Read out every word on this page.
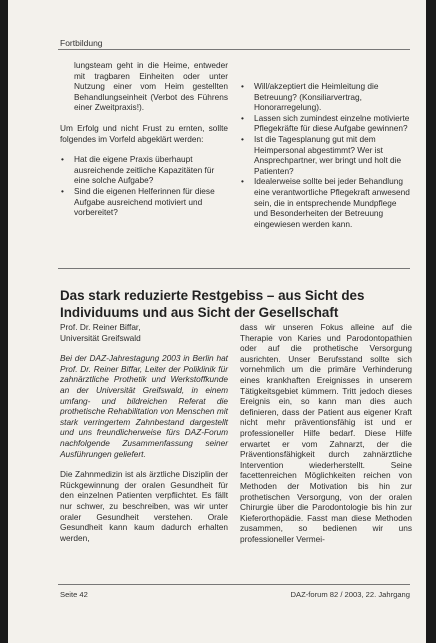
Fortbildung

lungsteam geht in die Heime, entweder mit tragbaren Einheiten oder unter Nutzung einer vom Heim gestellten Behandlungseinheit (Verbot des Führens einer Zweitpraxis!).

Um Erfolg und nicht Frust zu ernten, sollte folgendes im Vorfeld abgeklärt werden:

• Hat die eigene Praxis überhaupt ausreichende zeitliche Kapazitäten für eine solche Aufgabe?
• Sind die eigenen Helferinnen für diese Aufgabe ausreichend motiviert und vorbereitet?
• Will/akzeptiert die Heimleitung die Betreuung? (Konsiliarvertrag, Honorarregelung).
• Lassen sich zumindest einzelne motivierte Pflegekräfte für diese Aufgabe gewinnen?
• Ist die Tagesplanung gut mit dem Heimpersonal abgestimmt? Wer ist Ansprechpartner, wer bringt und holt die Patienten?
• Idealerweise sollte bei jeder Behandlung eine verantwortliche Pflegekraft anwesend sein, die in entsprechende Mundpflege und Besonderheiten der Betreuung eingewiesen werden kann.
Das stark reduzierte Restgebiss – aus Sicht des Individuums und aus Sicht der Gesellschaft
Prof. Dr. Reiner Biffar,
Universität Greifswald

Bei der DAZ-Jahrestagung 2003 in Berlin hat Prof. Dr. Reiner Biffar, Leiter der Poliklinik für zahnärztliche Prothetik und Werkstoffkunde an der Universität Greifswald, in einem umfang- und bildreichen Referat die prothetische Rehabilitation von Menschen mit stark verringertem Zahnbestand dargestellt und uns freundlicherweise fürs DAZ-Forum nachfolgende Zusammenfassung seiner Ausführungen geliefert.

Die Zahnmedizin ist als ärztliche Disziplin der Rückgewinnung der oralen Gesundheit für den einzelnen Patienten verpflichtet. Es fällt nur schwer, zu beschreiben, was wir unter oraler Gesundheit verstehen. Orale Gesundheit kann kaum dadurch erhalten werden,

dass wir unseren Fokus alleine auf die Therapie von Karies und Parodontopathien oder auf die prothetische Versorgung ausrichten. Unser Berufsstand sollte sich vornehmlich um die primäre Verhinderung eines krankhaften Ereignisses in unserem Tätigkeitsgebiet kümmern. Tritt jedoch dieses Ereignis ein, so kann man dies auch definieren, dass der Patient aus eigener Kraft nicht mehr präventionsfähig ist und er professioneller Hilfe bedarf. Diese Hilfe erwartet er vom Zahnarzt, der die Präventionsfähigkeit durch zahnärztliche Intervention wiederherstellt. Seine facettenreichen Möglichkeiten reichen von Methoden der Motivation bis hin zur prothetischen Versorgung, von der oralen Chirurgie über die Parodontologie bis hin zur Kieferorthopädie. Fasst man diese Methoden zusammen, so bedienen wir uns professioneller Vermei-

Seite 42	DAZ-forum 82 / 2003, 22. Jahrgang
